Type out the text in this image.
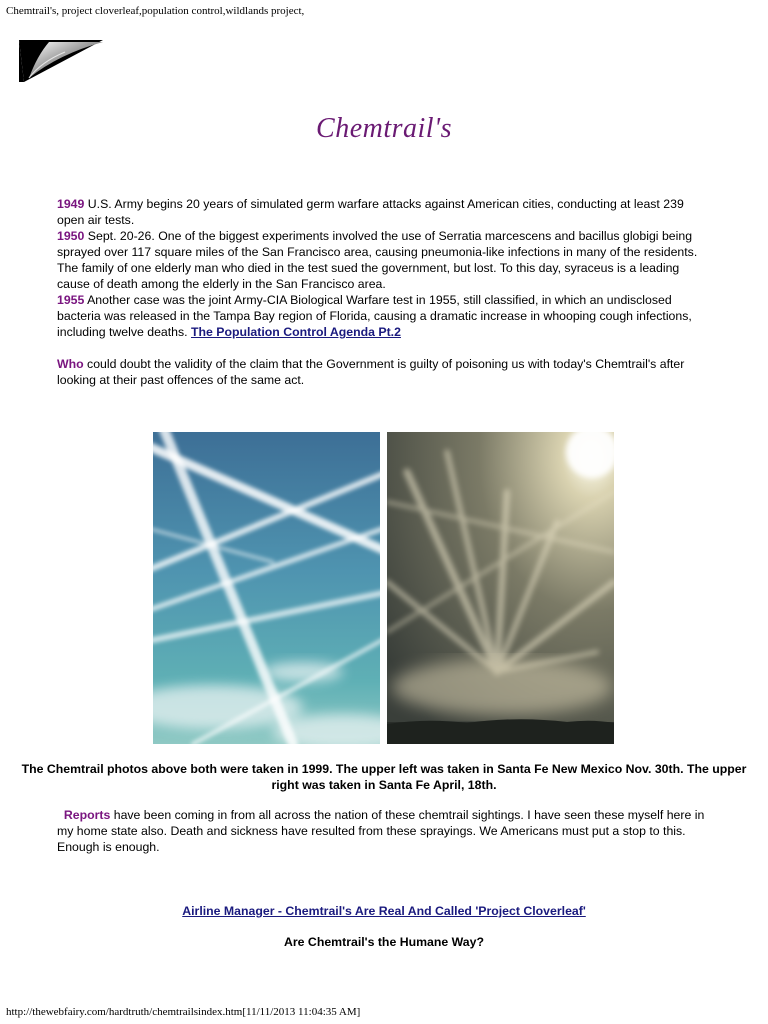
Chemtrail's, project cloverleaf,population control,wildlands project,
Chemtrail's

1949 U.S. Army begins 20 years of simulated germ warfare attacks against American cities, conducting at least 239 open air tests.

1950 Sept. 20-26. One of the biggest experiments involved the use of Serratia marcescens and bacillus globigi being sprayed over 117 square miles of the San Francisco area, causing pneumonia-like infections in many of the residents. The family of one elderly man who died in the test sued the government, but lost. To this day, syraceus is a leading cause of death among the elderly in the San Francisco area.

1955 Another case was the joint Army-CIA Biological Warfare test in 1955, still classified, in which an undisclosed bacteria was released in the Tampa Bay region of Florida, causing a dramatic increase in whooping cough infections, including twelve deaths. The Population Control Agenda Pt.2

Who could doubt the validity of the claim that the Government is guilty of poisoning us with today's Chemtrail's after looking at their past offences of the same act.

The Chemtrail photos above both were taken in 1999. The upper left was taken in Santa Fe New Mexico Nov. 30th. The upper right was taken in Santa Fe April, 18th.
Reports have been coming in from all across the nation of these chemtrail sightings. I have seen these myself here in my home state also. Death and sickness have resulted from these sprayings. We Americans must put a stop to this. Enough is enough.
Airline Manager - Chemtrail's Are Real And Called 'Project Cloverleaf'
Are Chemtrail's the Humane Way?
http://thewebfairy.com/hardtruth/chemtrailsindex.htm[11/11/2013 11:04:35 AM]
